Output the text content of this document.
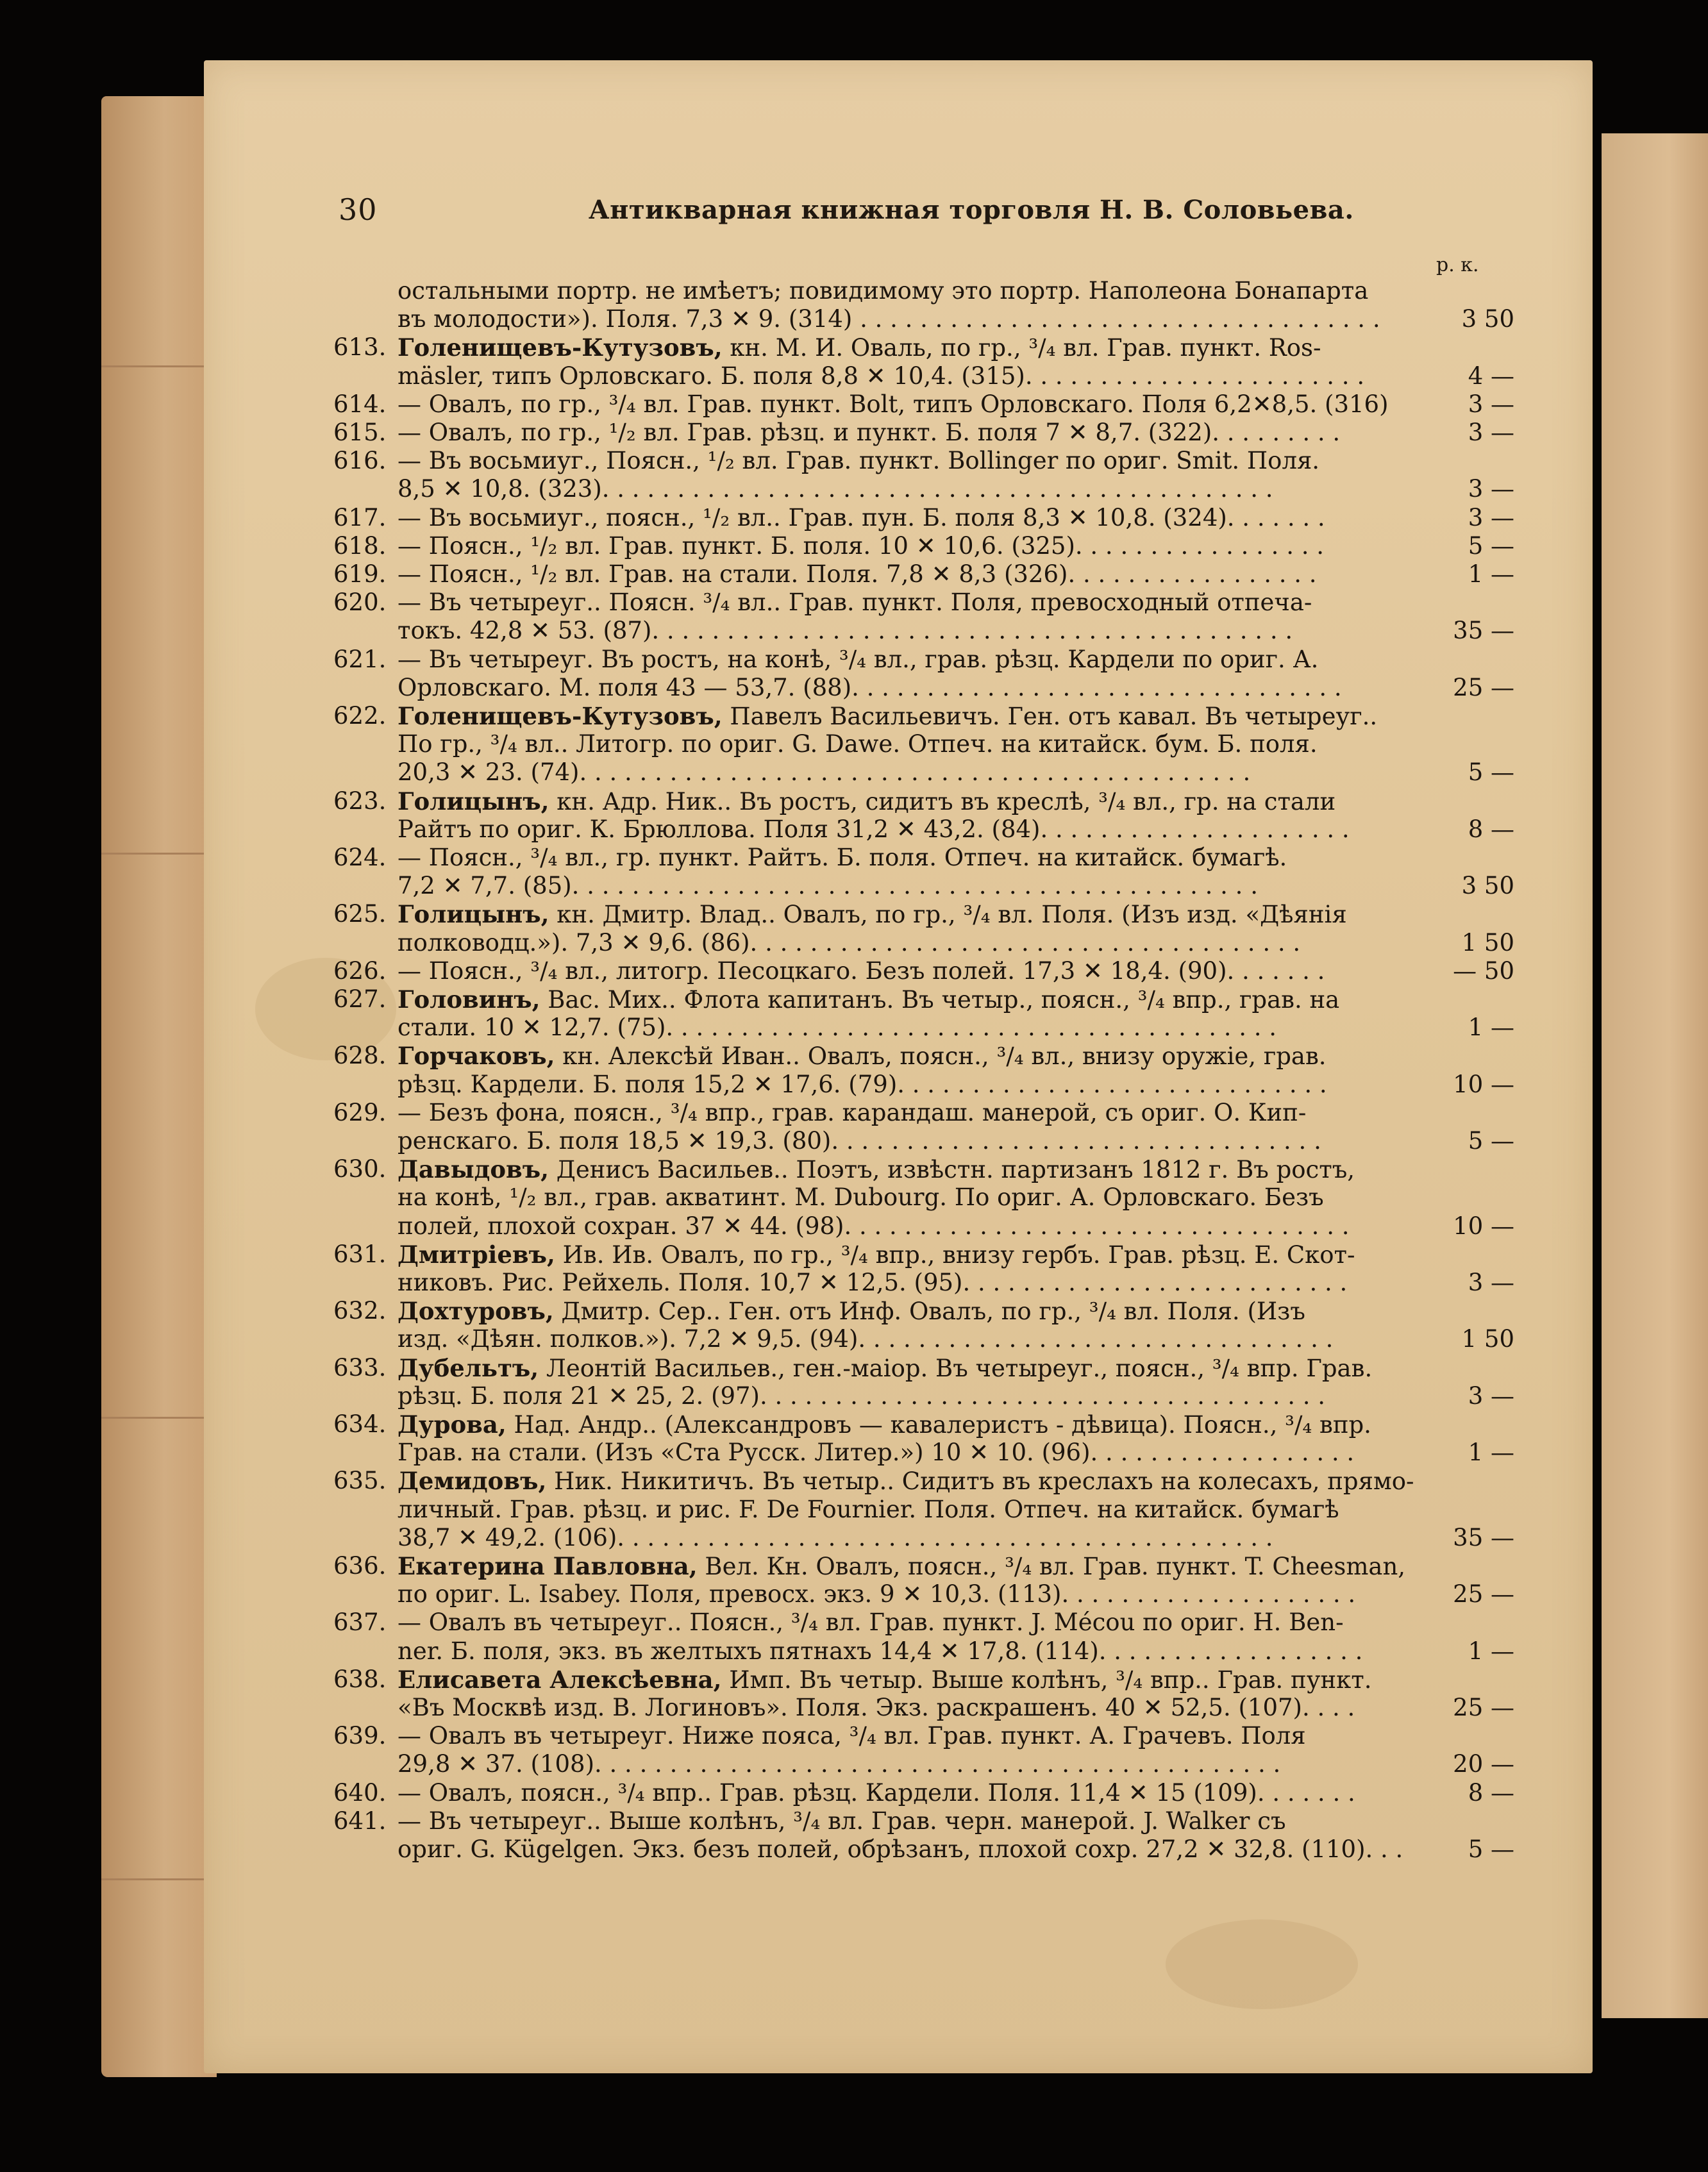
30	Антикварная книжная торговля Н. В. Соловьева.
р. к.
остальными портр. не имѣетъ; повидимому это портр. Наполеона Бонапарта
въ молодости»). Поля. 7,3 ✕ 9. (314) . . . . . . . . . . . . . . . . . . . . . . . . . . . . . . . . . . .	3 50
613. Голенищевъ-Кутузовъ, кн. М. И. Оваль, по гр., ³/₄ вл. Грав. пункт. Ros-
mäsler, типъ Орловскаго. Б. поля 8,8 ✕ 10,4. (315). . . . . . . . . . . . . . . . . . . . . . .	4 —
614. — Овалъ, по гр., ³/₄ вл. Грав. пункт. Bolt, типъ Орловскаго. Поля 6,2✕8,5. (316)	3 —
615. — Овалъ, по гр., ¹/₂ вл. Грав. рѣзц. и пункт. Б. поля 7 ✕ 8,7. (322). . . . . . . . .	3 —
616. — Въ восьмиуг., Поясн., ¹/₂ вл. Грав. пункт. Bollinger по ориг. Smit. Поля.
8,5 ✕ 10,8. (323). . . . . . . . . . . . . . . . . . . . . . . . . . . . . . . . . . . . . . . . . . . . .	3 —
617. — Въ восьмиуг., поясн., ¹/₂ вл.. Грав. пун. Б. поля 8,3 ✕ 10,8. (324). . . . . . .	3 —
618. — Поясн., ¹/₂ вл. Грав. пункт. Б. поля. 10 ✕ 10,6. (325). . . . . . . . . . . . . . . . .	5 —
619. — Поясн., ¹/₂ вл. Грав. на стали. Поля. 7,8 ✕ 8,3 (326). . . . . . . . . . . . . . . . .	1 —
620. — Въ четыреуг.. Поясн. ³/₄ вл.. Грав. пункт. Поля, превосходный отпеча-
токъ. 42,8 ✕ 53. (87). . . . . . . . . . . . . . . . . . . . . . . . . . . . . . . . . . . . . . . . . . .	35 —
621. — Въ четыреуг. Въ ростъ, на конѣ, ³/₄ вл., грав. рѣзц. Кардели по ориг. А.
Орловскаго. М. поля 43 — 53,7. (88). . . . . . . . . . . . . . . . . . . . . . . . . . . . . . . . .	25 —
622. Голенищевъ-Кутузовъ, Павелъ Васильевичъ. Ген. отъ кавал. Въ четыреуг..
По гр., ³/₄ вл.. Литогр. по ориг. G. Dawe. Отпеч. на китайск. бум. Б. поля.
20,3 ✕ 23. (74). . . . . . . . . . . . . . . . . . . . . . . . . . . . . . . . . . . . . . . . . . . . .	5 —
623. Голицынъ, кн. Адр. Ник.. Въ ростъ, сидитъ въ креслѣ, ³/₄ вл., гр. на стали
Райтъ по ориг. К. Брюллова. Поля 31,2 ✕ 43,2. (84). . . . . . . . . . . . . . . . . . . . .	8 —
624. — Поясн., ³/₄ вл., гр. пункт. Райтъ. Б. поля. Отпеч. на китайск. бумагѣ.
7,2 ✕ 7,7. (85). . . . . . . . . . . . . . . . . . . . . . . . . . . . . . . . . . . . . . . . . . . . . .	3 50
625. Голицынъ, кн. Дмитр. Влад.. Овалъ, по гр., ³/₄ вл. Поля. (Изъ изд. «Дѣянія
полководц.»). 7,3 ✕ 9,6. (86). . . . . . . . . . . . . . . . . . . . . . . . . . . . . . . . . . . . .	1 50
626. — Поясн., ³/₄ вл., литогр. Песоцкаго. Безъ полей. 17,3 ✕ 18,4. (90). . . . . . .	— 50
627. Головинъ, Вас. Мих.. Флота капитанъ. Въ четыр., поясн., ³/₄ впр., грав. на
стали. 10 ✕ 12,7. (75). . . . . . . . . . . . . . . . . . . . . . . . . . . . . . . . . . . . . . . . .	1 —
628. Горчаковъ, кн. Алексѣй Иван.. Овалъ, поясн., ³/₄ вл., внизу оружіе, грав.
рѣзц. Кардели. Б. поля 15,2 ✕ 17,6. (79). . . . . . . . . . . . . . . . . . . . . . . . . . . . .	10 —
629. — Безъ фона, поясн., ³/₄ впр., грав. карандаш. манерой, съ ориг. О. Кип-
ренскаго. Б. поля 18,5 ✕ 19,3. (80). . . . . . . . . . . . . . . . . . . . . . . . . . . . . . . . .	5 —
630. Давыдовъ, Денисъ Васильев.. Поэтъ, извѣстн. партизанъ 1812 г. Въ ростъ,
на конѣ, ¹/₂ вл., грав. акватинт. M. Dubourg. По ориг. А. Орловскаго. Безъ
полей, плохой сохран. 37 ✕ 44. (98). . . . . . . . . . . . . . . . . . . . . . . . . . . . . . . . . .	10 —
631. Дмитріевъ, Ив. Ив. Овалъ, по гр., ³/₄ впр., внизу гербъ. Грав. рѣзц. Е. Скот-
никовъ. Рис. Рейхель. Поля. 10,7 ✕ 12,5. (95). . . . . . . . . . . . . . . . . . . . . . . . . .	3 —
632. Дохтуровъ, Дмитр. Сер.. Ген. отъ Инф. Овалъ, по гр., ³/₄ вл. Поля. (Изъ
изд. «Дѣян. полков.»). 7,2 ✕ 9,5. (94). . . . . . . . . . . . . . . . . . . . . . . . . . . . . . . .	1 50
633. Дубельтъ, Леонтій Васильев., ген.-маіор. Въ четыреуг., поясн., ³/₄ впр. Грав.
рѣзц. Б. поля 21 ✕ 25, 2. (97). . . . . . . . . . . . . . . . . . . . . . . . . . . . . . . . . . . . . .	3 —
634. Дурова, Над. Андр.. (Александровъ — кавалеристъ - дѣвица). Поясн., ³/₄ впр.
Грав. на стали. (Изъ «Ста Русск. Литер.») 10 ✕ 10. (96). . . . . . . . . . . . . . . . . .	1 —
635. Демидовъ, Ник. Никитичъ. Въ четыр.. Сидитъ въ креслахъ на колесахъ, прямо-
личный. Грав. рѣзц. и рис. F. De Fournier. Поля. Отпеч. на китайск. бумагѣ
38,7 ✕ 49,2. (106). . . . . . . . . . . . . . . . . . . . . . . . . . . . . . . . . . . . . . . . . . . .	35 —
636. Екатерина Павловна, Вел. Кн. Овалъ, поясн., ³/₄ вл. Грав. пункт. T. Cheesman,
по ориг. L. Isabey. Поля, превосх. экз. 9 ✕ 10,3. (113). . . . . . . . . . . . . . . . . . . .	25 —
637. — Овалъ въ четыреуг.. Поясн., ³/₄ вл. Грав. пункт. J. Mécou по ориг. H. Ben-
ner. Б. поля, экз. въ желтыхъ пятнахъ 14,4 ✕ 17,8. (114). . . . . . . . . . . . . . . . . .	1 —
638. Елисавета Алексѣевна, Имп. Въ четыр. Выше колѣнъ, ³/₄ впр.. Грав. пункт.
«Въ Москвѣ изд. В. Логиновъ». Поля. Экз. раскрашенъ. 40 ✕ 52,5. (107). . . .	25 —
639. — Овалъ въ четыреуг. Ниже пояса, ³/₄ вл. Грав. пункт. А. Грачевъ. Поля
29,8 ✕ 37. (108). . . . . . . . . . . . . . . . . . . . . . . . . . . . . . . . . . . . . . . . . . . . . .	20 —
640. — Овалъ, поясн., ³/₄ впр.. Грав. рѣзц. Кардели. Поля. 11,4 ✕ 15 (109). . . . . . .	8 —
641. — Въ четыреуг.. Выше колѣнъ, ³/₄ вл. Грав. черн. манерой. J. Walker съ
ориг. G. Kügelgen. Экз. безъ полей, обрѣзанъ, плохой сохр. 27,2 ✕ 32,8. (110). . .	5 —
